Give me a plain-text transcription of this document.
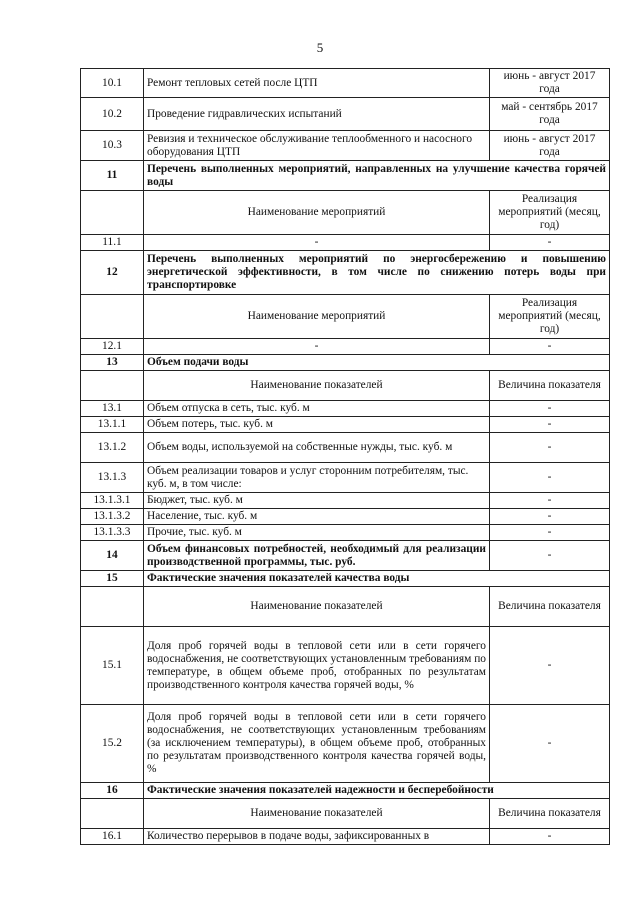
5
10.1	Ремонт тепловых сетей после ЦТП	июнь - август 2017 года
10.2	Проведение гидравлических испытаний	май - сентябрь 2017 года
10.3	Ревизия и техническое обслуживание теплообменного и насосного оборудования ЦТП	июнь - август 2017 года
11	Перечень выполненных мероприятий, направленных на улучшение качества горячей воды	
	Наименование мероприятий	Реализация мероприятий (месяц, год)
11.1	-	-
12	Перечень выполненных мероприятий по энергосбережению и повышению энергетической эффективности, в том числе по снижению потерь воды при транспортировке	
	Наименование мероприятий	Реализация мероприятий (месяц, год)
12.1	-	-
13	Объем подачи воды	
	Наименование показателей	Величина показателя
13.1	Объем отпуска в сеть, тыс. куб. м	-
13.1.1	Объем потерь, тыс. куб. м	-
13.1.2	Объем воды, используемой на собственные нужды, тыс. куб. м	-
13.1.3	Объем реализации товаров и услуг сторонним потребителям, тыс. куб. м, в том числе:	-
13.1.3.1	Бюджет, тыс. куб. м	-
13.1.3.2	Население, тыс. куб. м	-
13.1.3.3	Прочие, тыс. куб. м	-
14	Объем финансовых потребностей, необходимый для реализации производственной программы, тыс. руб.	-
15	Фактические значения показателей качества воды	
	Наименование показателей	Величина показателя
15.1	Доля проб горячей воды в тепловой сети или в сети горячего водоснабжения, не соответствующих установленным требованиям по температуре, в общем объеме проб, отобранных по результатам производственного контроля качества горячей воды, %	-
15.2	Доля проб горячей воды в тепловой сети или в сети горячего водоснабжения, не соответствующих установленным требованиям (за исключением температуры), в общем объеме проб, отобранных по результатам производственного контроля качества горячей воды, %	-
16	Фактические значения показателей надежности и бесперебойности	
	Наименование показателей	Величина показателя
16.1	Количество перерывов в подаче воды, зафиксированных в	-
